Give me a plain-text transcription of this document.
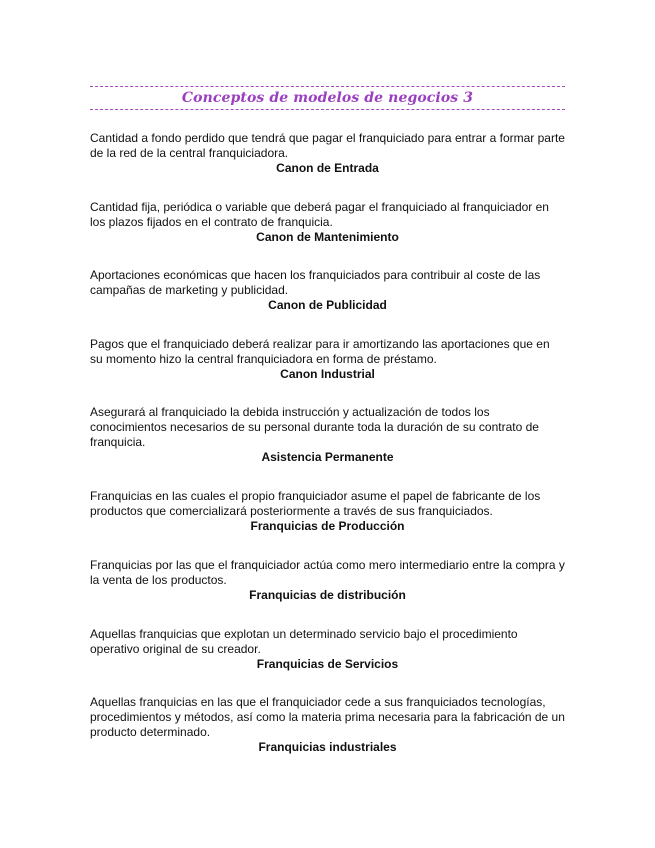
Conceptos de modelos de negocios 3

Cantidad a fondo perdido que tendrá que pagar el franquiciado para entrar a formar parte de la red de la central franquiciadora.

Canon de Entrada

Cantidad fija, periódica o variable que deberá pagar el franquiciado al franquiciador en los plazos fijados en el contrato de franquicia.

Canon de Mantenimiento

Aportaciones económicas que hacen los franquiciados para contribuir al coste de las campañas de marketing y publicidad.

Canon de Publicidad

Pagos que el franquiciado deberá realizar para ir amortizando las aportaciones que en su momento hizo la central franquiciadora en forma de préstamo.

Canon Industrial

Asegurará al franquiciado la debida instrucción y actualización de todos los conocimientos necesarios de su personal durante toda la duración de su contrato de franquicia.

Asistencia Permanente

Franquicias en las cuales el propio franquiciador asume el papel de fabricante de los productos que comercializará posteriormente a través de sus franquiciados.

Franquicias de Producción

Franquicias por las que el franquiciador actúa como mero intermediario entre la compra y la venta de los productos.

Franquicias de distribución

Aquellas franquicias que explotan un determinado servicio bajo el procedimiento operativo original de su creador.

Franquicias de Servicios

Aquellas franquicias en las que el franquiciador cede a sus franquiciados tecnologías, procedimientos y métodos, así como la materia prima necesaria para la fabricación de un producto determinado.

Franquicias industriales
